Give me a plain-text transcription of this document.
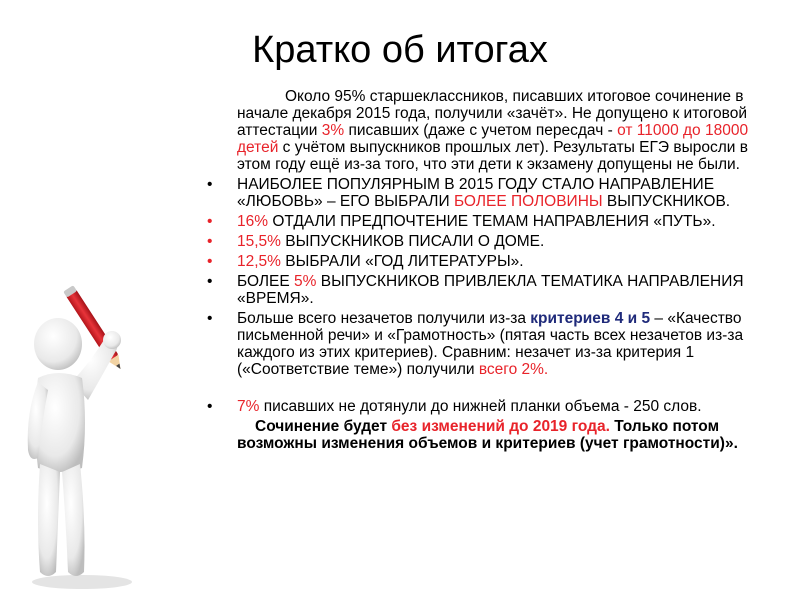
Кратко об итогах

Около 95% старшеклассников, писавших итоговое сочинение в начале декабря 2015 года, получили «зачёт». Не допущено к итоговой аттестации 3% писавших (даже с учетом пересдач - от 11000 до 18000 детей с учётом выпускников прошлых лет). Результаты ЕГЭ выросли в этом году ещё из-за того, что эти дети к экзамену допущены не были.

• НАИБОЛЕЕ ПОПУЛЯРНЫМ В 2015 ГОДУ СТАЛО НАПРАВЛЕНИЕ «ЛЮБОВЬ» – ЕГО ВЫБРАЛИ БОЛЕЕ ПОЛОВИНЫ ВЫПУСКНИКОВ.
• 16% ОТДАЛИ ПРЕДПОЧТЕНИЕ ТЕМАМ НАПРАВЛЕНИЯ «ПУТЬ».
• 15,5% ВЫПУСКНИКОВ ПИСАЛИ О ДОМЕ.
• 12,5% ВЫБРАЛИ «ГОД ЛИТЕРАТУРЫ».
• БОЛЕЕ 5% ВЫПУСКНИКОВ ПРИВЛЕКЛА ТЕМАТИКА НАПРАВЛЕНИЯ «ВРЕМЯ».
• Больше всего незачетов получили из-за критериев 4 и 5 – «Качество письменной речи» и «Грамотность» (пятая часть всех незачетов из-за каждого из этих критериев). Сравним: незачет из-за критерия 1 («Соответствие теме») получили всего 2%.
• 7% писавших не дотянули до нижней планки объема - 250 слов.

Сочинение будет без изменений до 2019 года. Только потом возможны изменения объемов и критериев (учет грамотности)».
